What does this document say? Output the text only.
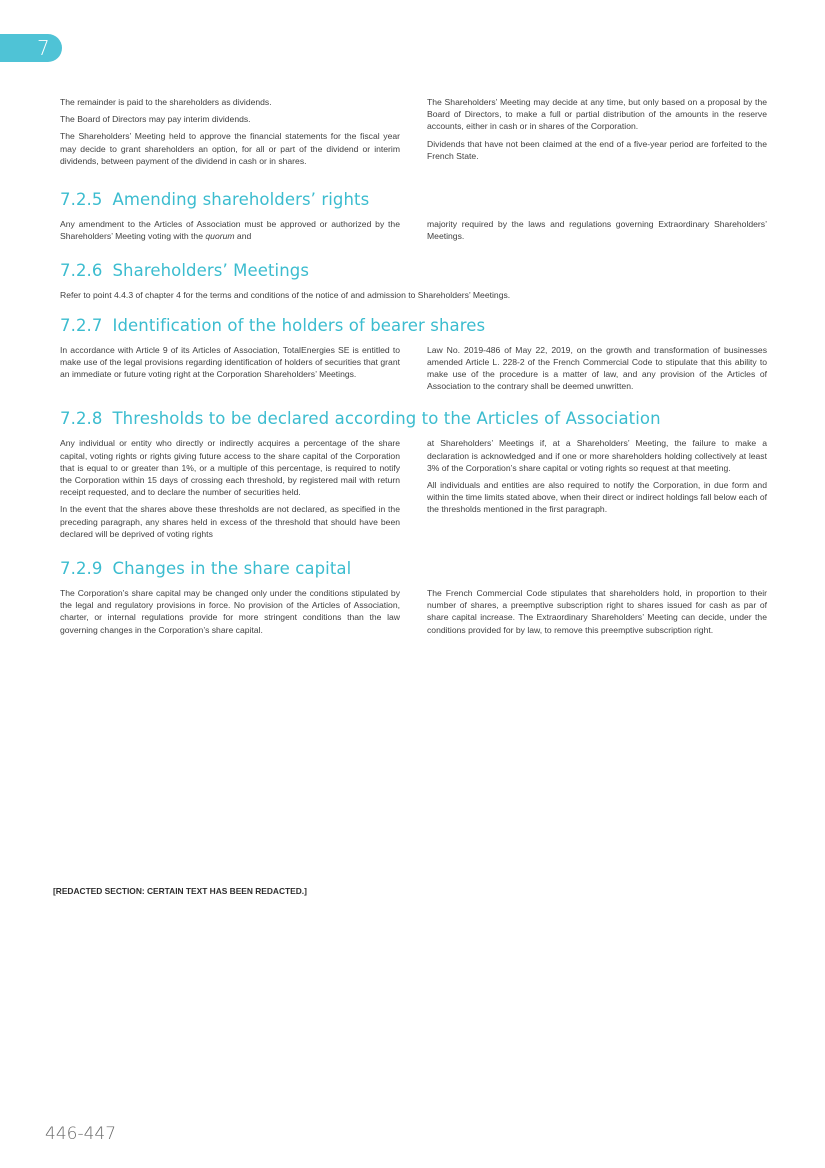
7

The remainder is paid to the shareholders as dividends.

The Board of Directors may pay interim dividends.

The Shareholders’ Meeting held to approve the financial statements for the fiscal year may decide to grant shareholders an option, for all or part of the dividend or interim dividends, between payment of the dividend in cash or in shares.

The Shareholders’ Meeting may decide at any time, but only based on a proposal by the Board of Directors, to make a full or partial distribution of the amounts in the reserve accounts, either in cash or in shares of the Corporation.

Dividends that have not been claimed at the end of a five-year period are forfeited to the French State.

7.2.5 Amending shareholders’ rights

Any amendment to the Articles of Association must be approved or authorized by the Shareholders’ Meeting voting with the quorum and

majority required by the laws and regulations governing Extraordinary Shareholders’ Meetings.

7.2.6 Shareholders’ Meetings

Refer to point 4.4.3 of chapter 4 for the terms and conditions of the notice of and admission to Shareholders’ Meetings.

7.2.7 Identification of the holders of bearer shares

In accordance with Article 9 of its Articles of Association, TotalEnergies SE is entitled to make use of the legal provisions regarding identification of holders of securities that grant an immediate or future voting right at the Corporation Shareholders’ Meetings.

Law No. 2019-486 of May 22, 2019, on the growth and transformation of businesses amended Article L. 228-2 of the French Commercial Code to stipulate that this ability to make use of the procedure is a matter of law, and any provision of the Articles of Association to the contrary shall be deemed unwritten.

7.2.8 Thresholds to be declared according to the Articles of Association

Any individual or entity who directly or indirectly acquires a percentage of the share capital, voting rights or rights giving future access to the share capital of the Corporation that is equal to or greater than 1%, or a multiple of this percentage, is required to notify the Corporation within 15 days of crossing each threshold, by registered mail with return receipt requested, and to declare the number of securities held.

In the event that the shares above these thresholds are not declared, as specified in the preceding paragraph, any shares held in excess of the threshold that should have been declared will be deprived of voting rights

at Shareholders’ Meetings if, at a Shareholders’ Meeting, the failure to make a declaration is acknowledged and if one or more shareholders holding collectively at least 3% of the Corporation’s share capital or voting rights so request at that meeting.

All individuals and entities are also required to notify the Corporation, in due form and within the time limits stated above, when their direct or indirect holdings fall below each of the thresholds mentioned in the first paragraph.

7.2.9 Changes in the share capital

The Corporation’s share capital may be changed only under the conditions stipulated by the legal and regulatory provisions in force. No provision of the Articles of Association, charter, or internal regulations provide for more stringent conditions than the law governing changes in the Corporation’s share capital.

The French Commercial Code stipulates that shareholders hold, in proportion to their number of shares, a preemptive subscription right to shares issued for cash as par of share capital increase. The Extraordinary Shareholders’ Meeting can decide, under the conditions provided for by law, to remove this preemptive subscription right.

[REDACTED SECTION: CERTAIN TEXT HAS BEEN REDACTED.]
446-447
